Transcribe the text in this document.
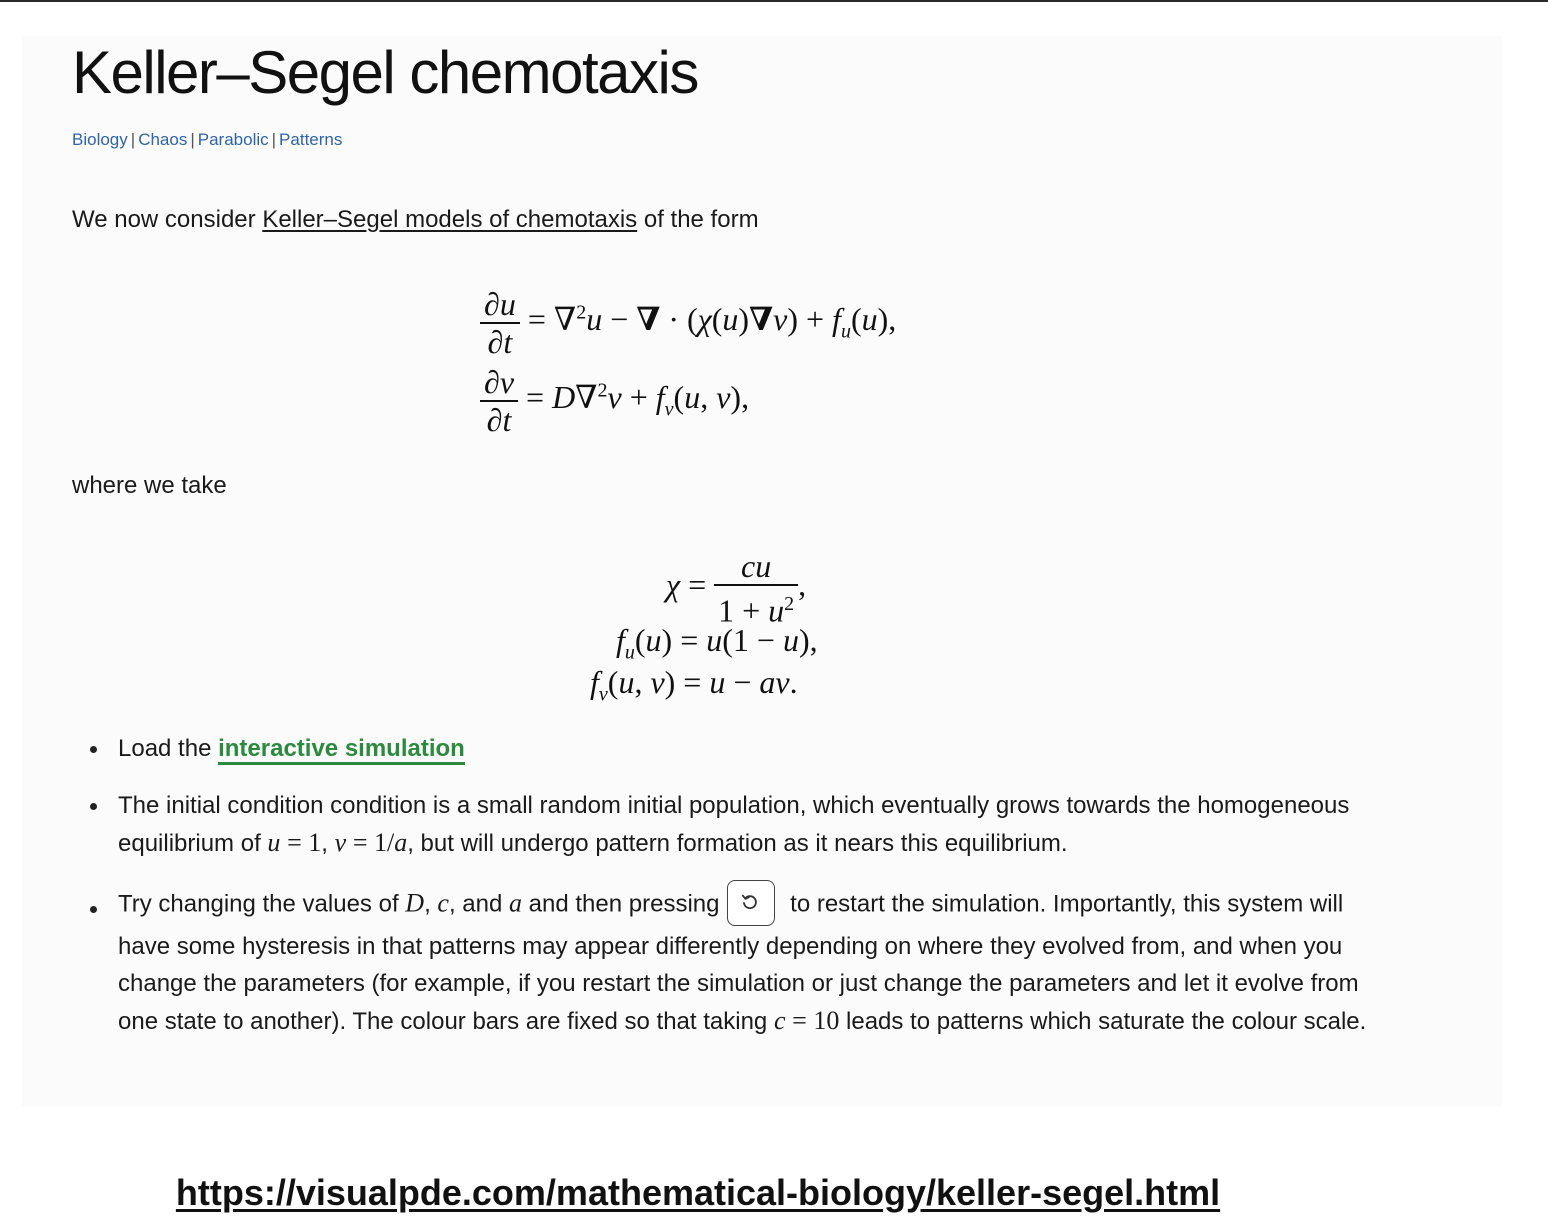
Keller–Segel chemotaxis
Biology | Chaos | Parabolic | Patterns

We now consider Keller–Segel models of chemotaxis of the form

$\frac{\partial u}{\partial t} = \nabla^2u$ − ∇ · $(\chi(u)\nabla v) + f_u(u)$,
$\frac{\partial v}{\partial t} = D\nabla^2v + f_v(u$, v),

where we take

$\chi = \frac{cu}{1 + u^2}$ ,
$f_u(u) = u(1 - u)$,
$f_v(u$, v) = u − av.
Load the interactive simulation
The initial condition condition is a small random initial population, which eventually grows towards the homogeneous equilibrium of u = 1, v = 1/a, but will undergo pattern formation as it nears this equilibrium.
Try changing the values of D, c, and a and then pressing	to restart the simulation. Importantly, this system will have some hysteresis in that patterns may appear differently depending on where they evolved from, and when you change the parameters (for example, if you restart the simulation or just change the parameters and let it evolve from one state to another). The colour bars are fixed so that taking c = 10 leads to patterns which saturate the colour scale.
https://visualpde.com/mathematical-biology/keller-segel.html
